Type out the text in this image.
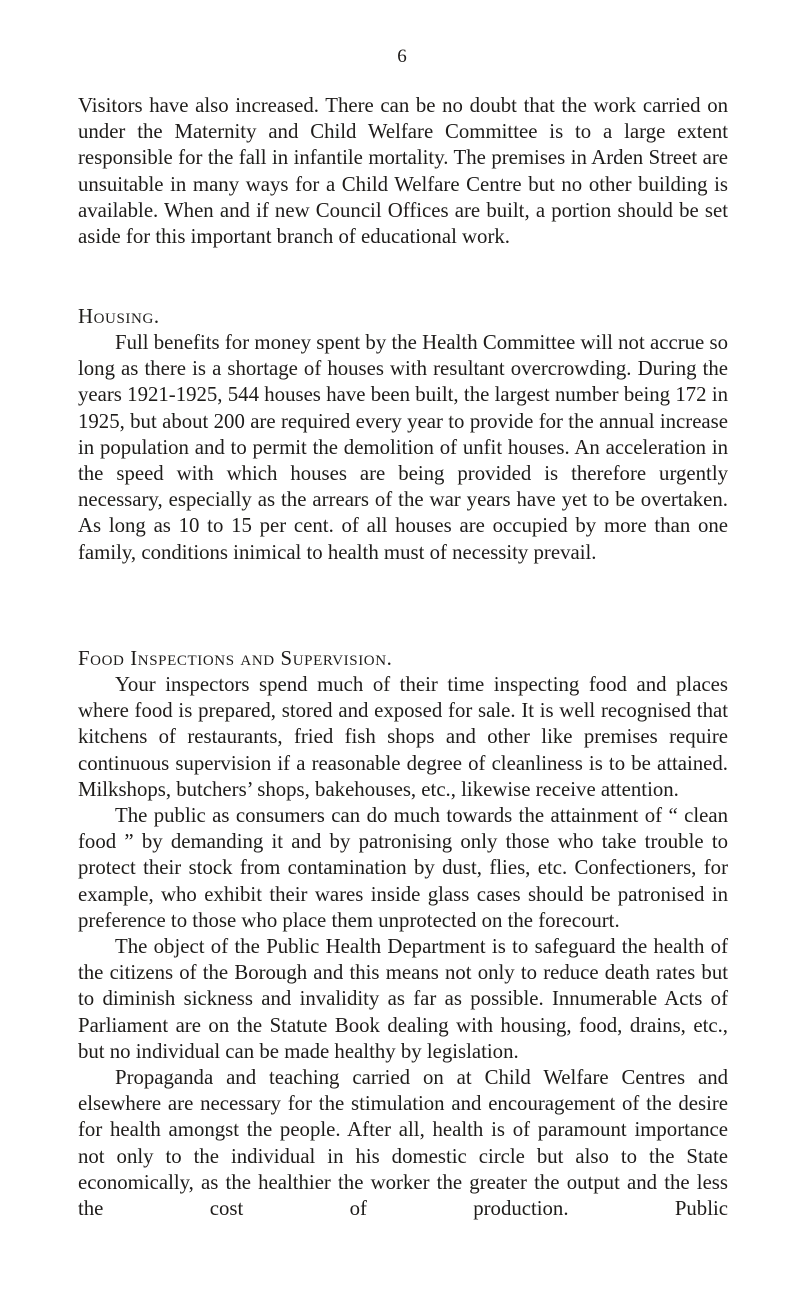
6

Visitors have also increased. There can be no doubt that the work carried on under the Maternity and Child Welfare Committee is to a large extent responsible for the fall in infantile mortality. The premises in Arden Street are unsuitable in many ways for a Child Welfare Centre but no other building is available. When and if new Council Offices are built, a portion should be set aside for this important branch of educational work.

Housing.

Full benefits for money spent by the Health Committee will not accrue so long as there is a shortage of houses with resultant overcrowding. During the years 1921-1925, 544 houses have been built, the largest number being 172 in 1925, but about 200 are required every year to provide for the annual increase in population and to permit the demolition of unfit houses. An acceleration in the speed with which houses are being provided is therefore urgently necessary, especially as the arrears of the war years have yet to be overtaken. As long as 10 to 15 per cent. of all houses are occupied by more than one family, conditions inimical to health must of necessity prevail.

Food Inspections and Supervision.

Your inspectors spend much of their time inspecting food and places where food is prepared, stored and exposed for sale. It is well recognised that kitchens of restaurants, fried fish shops and other like premises require continuous supervision if a reasonable degree of cleanliness is to be attained. Milkshops, butchers’ shops, bakehouses, etc., likewise receive attention.

The public as consumers can do much towards the attainment of “ clean food ” by demanding it and by patronising only those who take trouble to protect their stock from contamination by dust, flies, etc. Confectioners, for example, who exhibit their wares inside glass cases should be patronised in preference to those who place them unprotected on the forecourt.

The object of the Public Health Department is to safeguard the health of the citizens of the Borough and this means not only to reduce death rates but to diminish sickness and invalidity as far as possible. Innumerable Acts of Parliament are on the Statute Book dealing with housing, food, drains, etc., but no individual can be made healthy by legislation.

Propaganda and teaching carried on at Child Welfare Centres and elsewhere are necessary for the stimulation and encouragement of the desire for health amongst the people. After all, health is of paramount importance not only to the individual in his domestic circle but also to the State economically, as the healthier the worker the greater the output and the less the cost of production. Public
